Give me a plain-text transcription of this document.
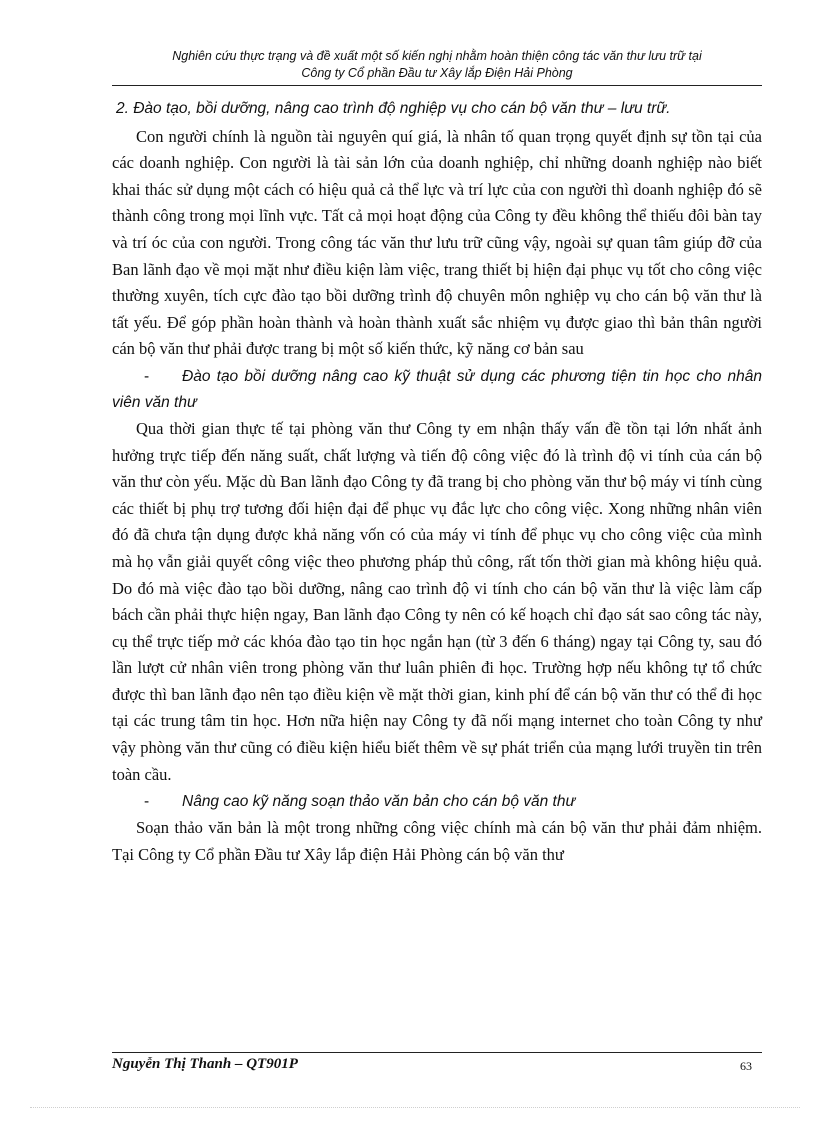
Nghiên cứu thực trạng và đề xuất một số kiến nghị nhằm hoàn thiện công tác văn thư lưu trữ tại
Công ty Cổ phần Đầu tư Xây lắp Điện Hải Phòng

2. Đào tạo, bồi dưỡng, nâng cao trình độ nghiệp vụ cho cán bộ văn thư – lưu trữ.

Con người chính là nguồn tài nguyên quí giá, là nhân tố quan trọng quyết định sự tồn tại của các doanh nghiệp. Con người là tài sản lớn của doanh nghiệp, chỉ những doanh nghiệp nào biết khai thác sử dụng một cách có hiệu quả cả thể lực và trí lực của con người thì doanh nghiệp đó sẽ thành công trong mọi lĩnh vực. Tất cả mọi hoạt động của Công ty đều không thể thiếu đôi bàn tay và trí óc của con người. Trong công tác văn thư lưu trữ cũng vậy, ngoài sự quan tâm giúp đỡ của Ban lãnh đạo về mọi mặt như điều kiện làm việc, trang thiết bị hiện đại phục vụ tốt cho công việc thường xuyên, tích cực đào tạo bồi dưỡng trình độ chuyên môn nghiệp vụ cho cán bộ văn thư là tất yếu. Để góp phần hoàn thành và hoàn thành xuất sắc nhiệm vụ được giao thì bản thân người cán bộ văn thư phải được trang bị một số kiến thức, kỹ năng cơ bản sau

- Đào tạo bồi dưỡng nâng cao kỹ thuật sử dụng các phương tiện tin học cho nhân viên văn thư

Qua thời gian thực tế tại phòng văn thư Công ty em nhận thấy vấn đề tồn tại lớn nhất ảnh hưởng trực tiếp đến năng suất, chất lượng và tiến độ công việc đó là trình độ vi tính của cán bộ văn thư còn yếu. Mặc dù Ban lãnh đạo Công ty đã trang bị cho phòng văn thư bộ máy vi tính cùng các thiết bị phụ trợ tương đối hiện đại để phục vụ đắc lực cho công việc. Xong những nhân viên đó đã chưa tận dụng được khả năng vốn có của máy vi tính để phục vụ cho công việc của mình mà họ vẫn giải quyết công việc theo phương pháp thủ công, rất tốn thời gian mà không hiệu quả. Do đó mà việc đào tạo bồi dưỡng, nâng cao trình độ vi tính cho cán bộ văn thư là việc làm cấp bách cần phải thực hiện ngay, Ban lãnh đạo Công ty nên có kế hoạch chỉ đạo sát sao công tác này, cụ thể trực tiếp mở các khóa đào tạo tin học ngắn hạn (từ 3 đến 6 tháng) ngay tại Công ty, sau đó lần lượt cử nhân viên trong phòng văn thư luân phiên đi học. Trường hợp nếu không tự tổ chức được thì ban lãnh đạo nên tạo điều kiện về mặt thời gian, kinh phí để cán bộ văn thư có thể đi học tại các trung tâm tin học. Hơn nữa hiện nay Công ty đã nối mạng internet cho toàn Công ty như vậy phòng văn thư cũng có điều kiện hiểu biết thêm về sự phát triển của mạng lưới truyền tin trên toàn cầu.

- Nâng cao kỹ năng soạn thảo văn bản cho cán bộ văn thư

Soạn thảo văn bản là một trong những công việc chính mà cán bộ văn thư phải đảm nhiệm. Tại Công ty Cổ phần Đầu tư Xây lắp điện Hải Phòng cán bộ văn thư

Nguyễn Thị Thanh – QT901P	63
